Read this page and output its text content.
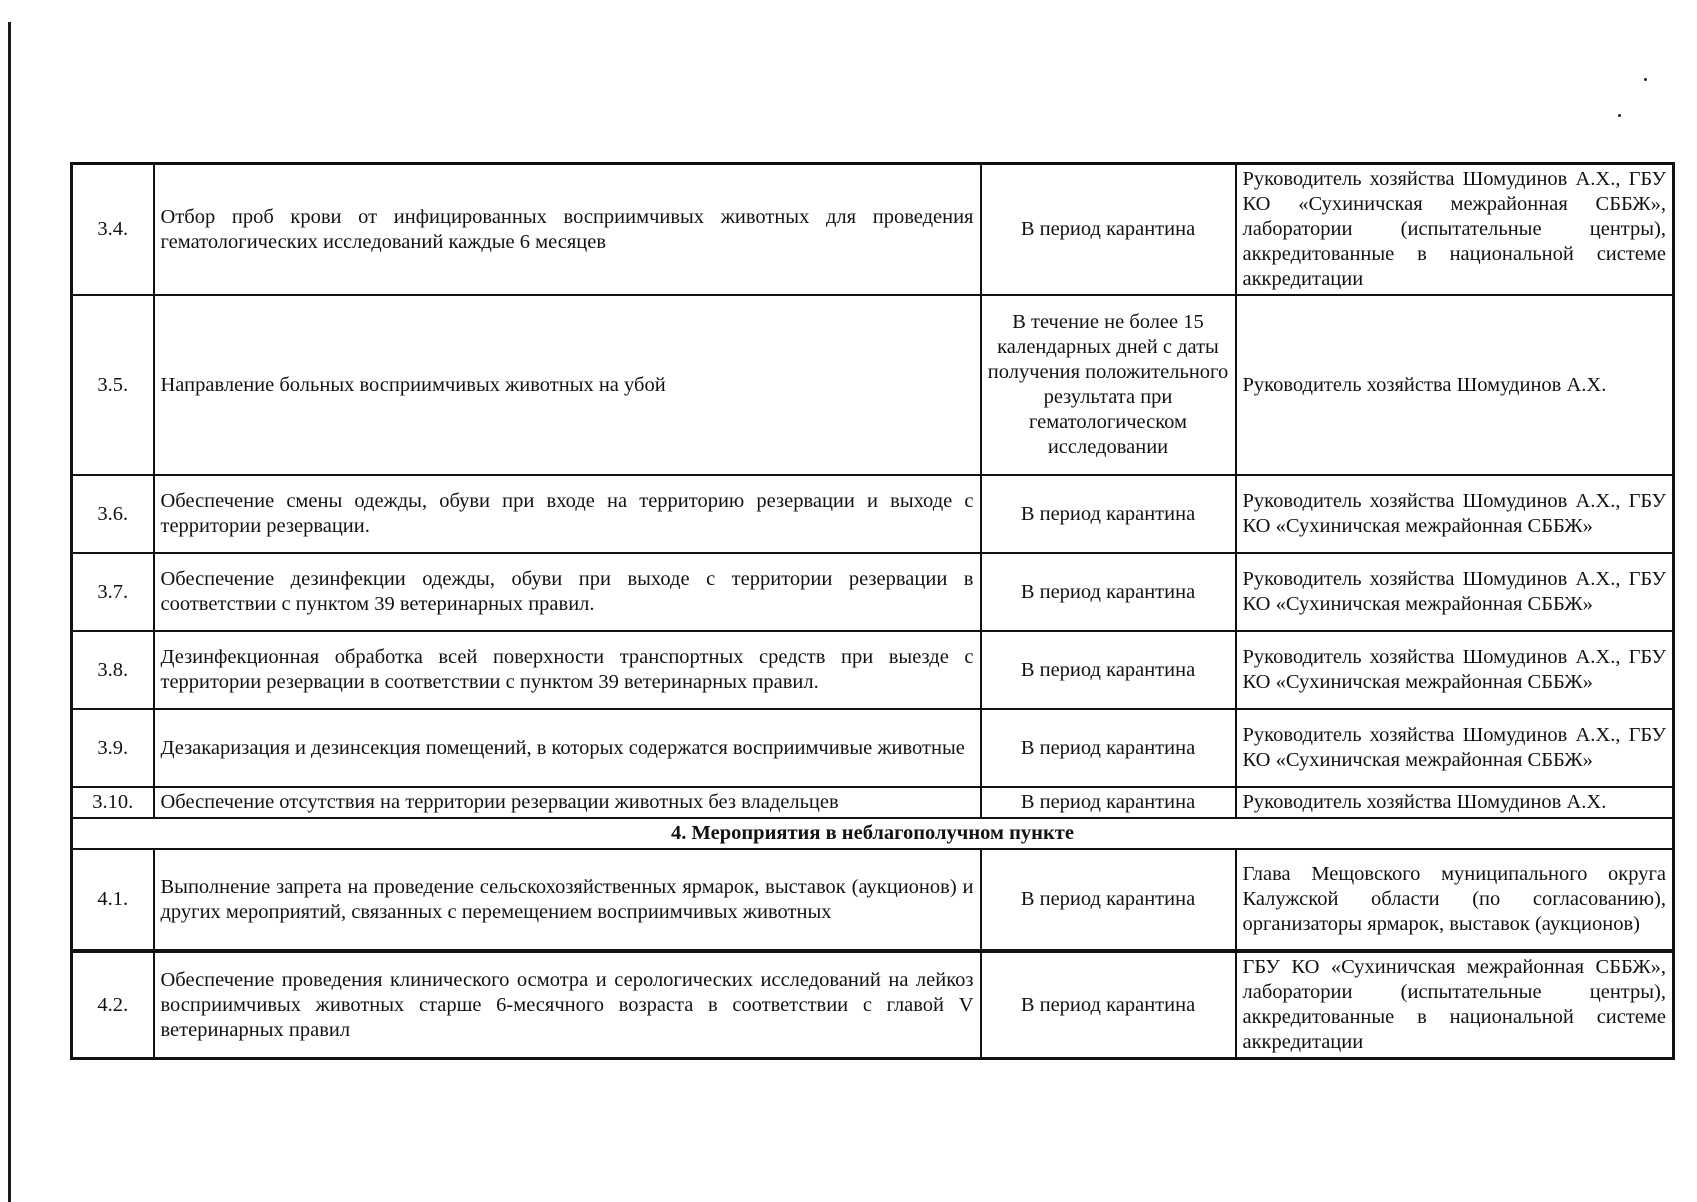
3.4.	Отбор проб крови от инфицированных восприимчивых животных для проведения гематологических исследований каждые 6 месяцев	В период карантина	Руководитель хозяйства Шомудинов А.Х., ГБУ КО «Сухиничская межрайонная СББЖ», лаборатории (испытательные центры), аккредитованные в национальной системе аккредитации
3.5.	Направление больных восприимчивых животных на убой	В течение не более 15 календарных дней с даты получения положительного результата при гематологическом исследовании	Руководитель хозяйства Шомудинов А.Х.
3.6.	Обеспечение смены одежды, обуви при входе на территорию резервации и выходе с территории резервации.	В период карантина	Руководитель хозяйства Шомудинов А.Х., ГБУ КО «Сухиничская межрайонная СББЖ»
3.7.	Обеспечение дезинфекции одежды, обуви при выходе с территории резервации в соответствии с пунктом 39 ветеринарных правил.	В период карантина	Руководитель хозяйства Шомудинов А.Х., ГБУ КО «Сухиничская межрайонная СББЖ»
3.8.	Дезинфекционная обработка всей поверхности транспортных средств при выезде с территории резервации в соответствии с пунктом 39 ветеринарных правил.	В период карантина	Руководитель хозяйства Шомудинов А.Х., ГБУ КО «Сухиничская межрайонная СББЖ»
3.9.	Дезакаризация и дезинсекция помещений, в которых содержатся восприимчивые животные	В период карантина	Руководитель хозяйства Шомудинов А.Х., ГБУ КО «Сухиничская межрайонная СББЖ»
3.10.	Обеспечение отсутствия на территории резервации животных без владельцев	В период карантина	Руководитель хозяйства Шомудинов А.Х.
4. Мероприятия в неблагополучном пункте			
4.1.	Выполнение запрета на проведение сельскохозяйственных ярмарок, выставок (аукционов) и других мероприятий, связанных с перемещением восприимчивых животных	В период карантина	Глава Мещовского муниципального округа Калужской области (по согласованию), организаторы ярмарок, выставок (аукционов)
4.2.	Обеспечение проведения клинического осмотра и серологических исследований на лейкоз восприимчивых животных старше 6-месячного возраста в соответствии с главой V ветеринарных правил	В период карантина	ГБУ КО «Сухиничская межрайонная СББЖ», лаборатории (испытательные центры), аккредитованные в национальной системе аккредитации
